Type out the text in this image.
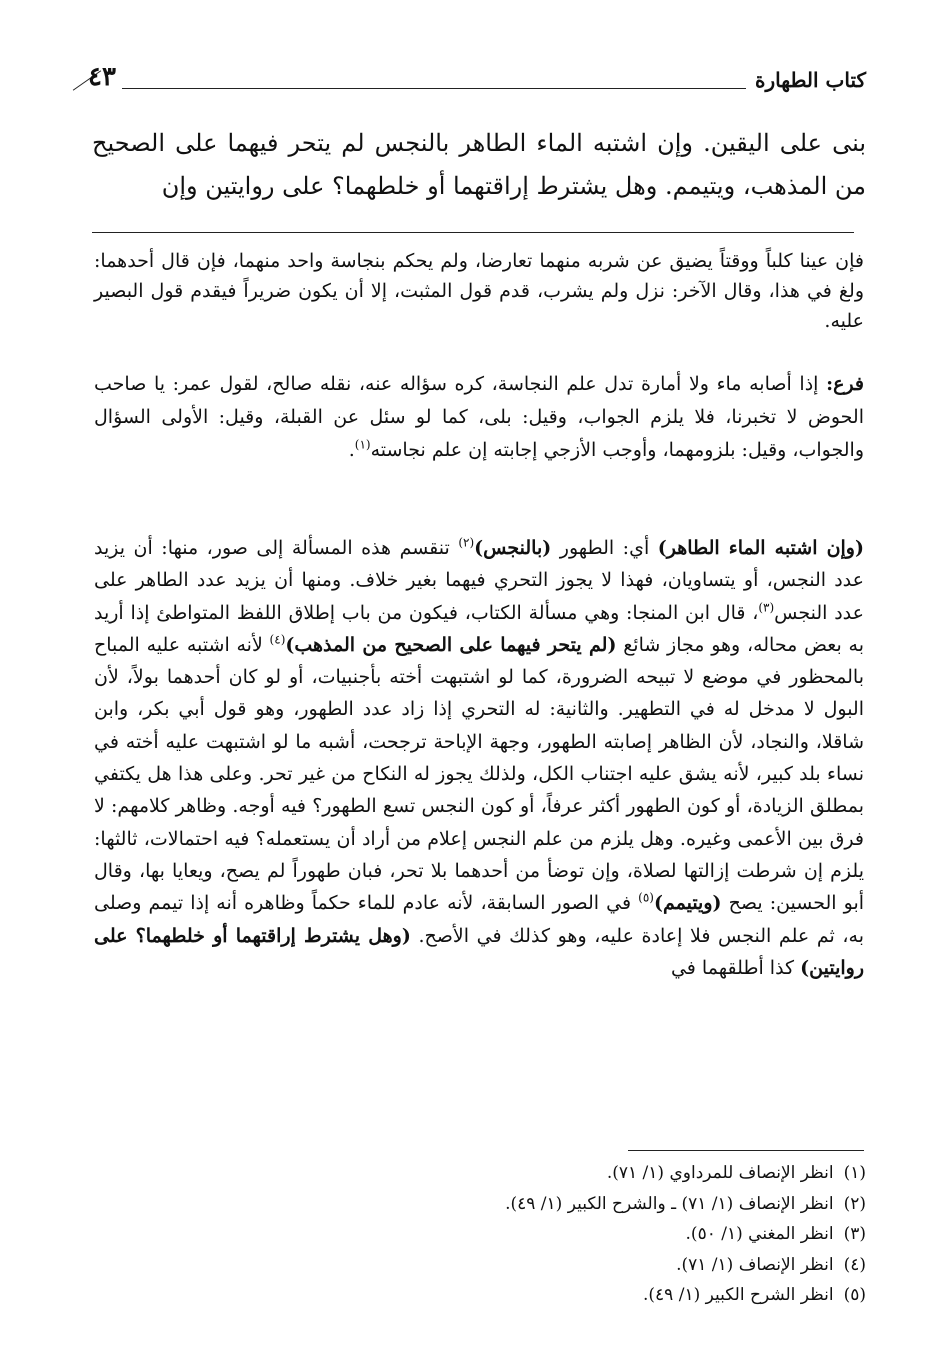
كتاب الطهارة
٤٣

بنى على اليقين. وإن اشتبه الماء الطاهر بالنجس لم يتحر فيهما على الصحيح من المذهب، ويتيمم. وهل يشترط إراقتهما أو خلطهما؟ على روايتين وإن

فإن عينا كلباً ووقتاً يضيق عن شربه منهما تعارضا، ولم يحكم بنجاسة واحد منهما، فإن قال أحدهما: ولغ في هذا، وقال الآخر: نزل ولم يشرب، قدم قول المثبت، إلا أن يكون ضريراً فيقدم قول البصير عليه.

فرع: إذا أصابه ماء ولا أمارة تدل علم النجاسة، كره سؤاله عنه، نقله صالح، لقول عمر: يا صاحب الحوض لا تخبرنا، فلا يلزم الجواب، وقيل: بلى، كما لو سئل عن القبلة، وقيل: الأولى السؤال والجواب، وقيل: بلزومهما، وأوجب الأزجي إجابته إن علم نجاسته$^{(١)}$.

(وإن اشتبه الماء الطاهر) أي: الطهور (بالنجس)$^{(٢)}$ تنقسم هذه المسألة إلى صور، منها: أن يزيد عدد النجس، أو يتساويان، فهذا لا يجوز التحري فيهما بغير خلاف. ومنها أن يزيد عدد الطاهر على عدد النجس$^{(٣)}$، قال ابن المنجا: وهي مسألة الكتاب، فيكون من باب إطلاق اللفظ المتواطئ إذا أريد به بعض محاله، وهو مجاز شائع (لم يتحر فيهما على الصحيح من المذهب)$^{(٤)}$ لأنه اشتبه عليه المباح بالمحظور في موضع لا تبيحه الضرورة، كما لو اشتبهت أخته بأجنبيات، أو لو كان أحدهما بولاً، لأن البول لا مدخل له في التطهير. والثانية: له التحري إذا زاد عدد الطهور، وهو قول أبي بكر، وابن شاقلا، والنجاد، لأن الظاهر إصابته الطهور، وجهة الإباحة ترجحت، أشبه ما لو اشتبهت عليه أخته في نساء بلد كبير، لأنه يشق عليه اجتناب الكل، ولذلك يجوز له النكاح من غير تحر. وعلى هذا هل يكتفي بمطلق الزيادة، أو كون الطهور أكثر عرفاً، أو كون النجس تسع الطهور؟ فيه أوجه. وظاهر كلامهم: لا فرق بين الأعمى وغيره. وهل يلزم من علم النجس إعلام من أراد أن يستعمله؟ فيه احتمالات، ثالثها: يلزم إن شرطت إزالتها لصلاة، وإن توضأ من أحدهما بلا تحر، فبان طهوراً لم يصح، ويعايا بها، وقال أبو الحسين: يصح (ويتيمم)$^{(٥)}$ في الصور السابقة، لأنه عادم للماء حكماً وظاهره أنه إذا تيمم وصلى به، ثم علم النجس فلا إعادة عليه، وهو كذلك في الأصح. (وهل يشترط إراقتهما أو خلطهما؟ على روايتين) كذا أطلقهما في

(١)انظر الإنصاف للمرداوي (١/ ٧١).
(٢)انظر الإنصاف (١/ ٧١) ـ والشرح الكبير (١/ ٤٩).
(٣)انظر المغني (١/ ٥٠).
(٤)انظر الإنصاف (١/ ٧١).
(٥)انظر الشرح الكبير (١/ ٤٩).
